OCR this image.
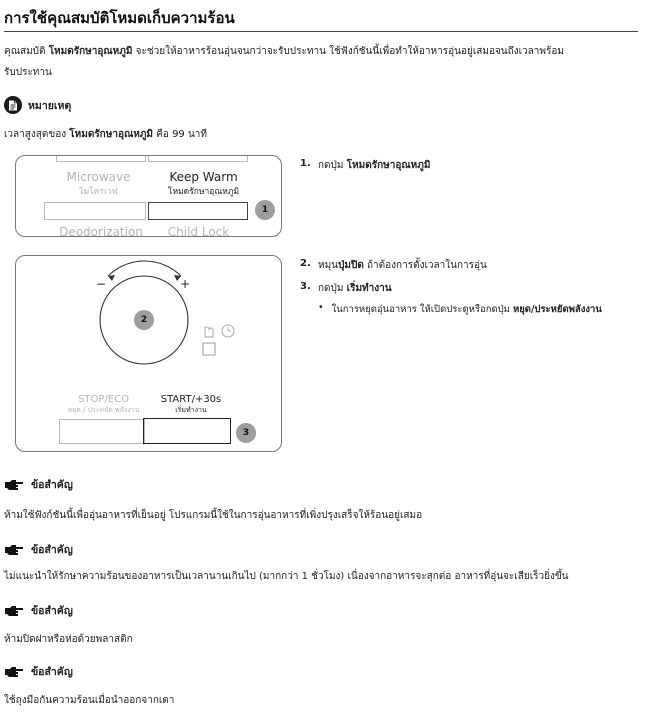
การใช้คุณสมบัติโหมดเก็บความร้อน
คุณสมบัติ โหมดรักษาอุณหภูมิ จะช่วยให้อาหารร้อนอุ่นจนกว่าจะรับประทาน ใช้ฟังก์ชันนี้เพื่อทำให้อาหารอุ่นอยู่เสมอจนถึงเวลาพร้อม
รับประทาน
หมายเหตุ
เวลาสูงสุดของ โหมดรักษาอุณหภูมิ คือ 99 นาที
Microwave
ไมโครเวฟ
Keep Warm
โหมดรักษาอุณหภูมิ
1
Deodorization	Child Lock
−	+
2
STOP/ECO
หยุด / ประหยัด พลังงาน
START/+30s
เริ่มทำงาน
3
1. กดปุ่ม โหมดรักษาอุณหภูมิ
2. หมุนปุ่มปิด ถ้าต้องการตั้งเวลาในการอุ่น
3. กดปุ่ม เริ่มทำงาน
• ในการหยุดอุ่นอาหาร ให้เปิดประตูหรือกดปุ่ม หยุด/ประหยัดพลังงาน
ข้อสำคัญ
ห้ามใช้ฟังก์ชันนี้เพื่ออุ่นอาหารที่เย็นอยู่ โปรแกรมนี้ใช้ในการอุ่นอาหารที่เพิ่งปรุงเสร็จให้ร้อนอยู่เสมอ
ข้อสำคัญ
ไม่แนะนำให้รักษาความร้อนของอาหารเป็นเวลานานเกินไป (มากกว่า 1 ชั่วโมง) เนื่องจากอาหารจะสุกต่อ อาหารที่อุ่นจะเสียเร็วยิ่งขึ้น
ข้อสำคัญ
ห้ามปิดฝาหรือห่อด้วยพลาสติก
ข้อสำคัญ
ใช้ถุงมือกันความร้อนเมื่อนำออกจากเตา
